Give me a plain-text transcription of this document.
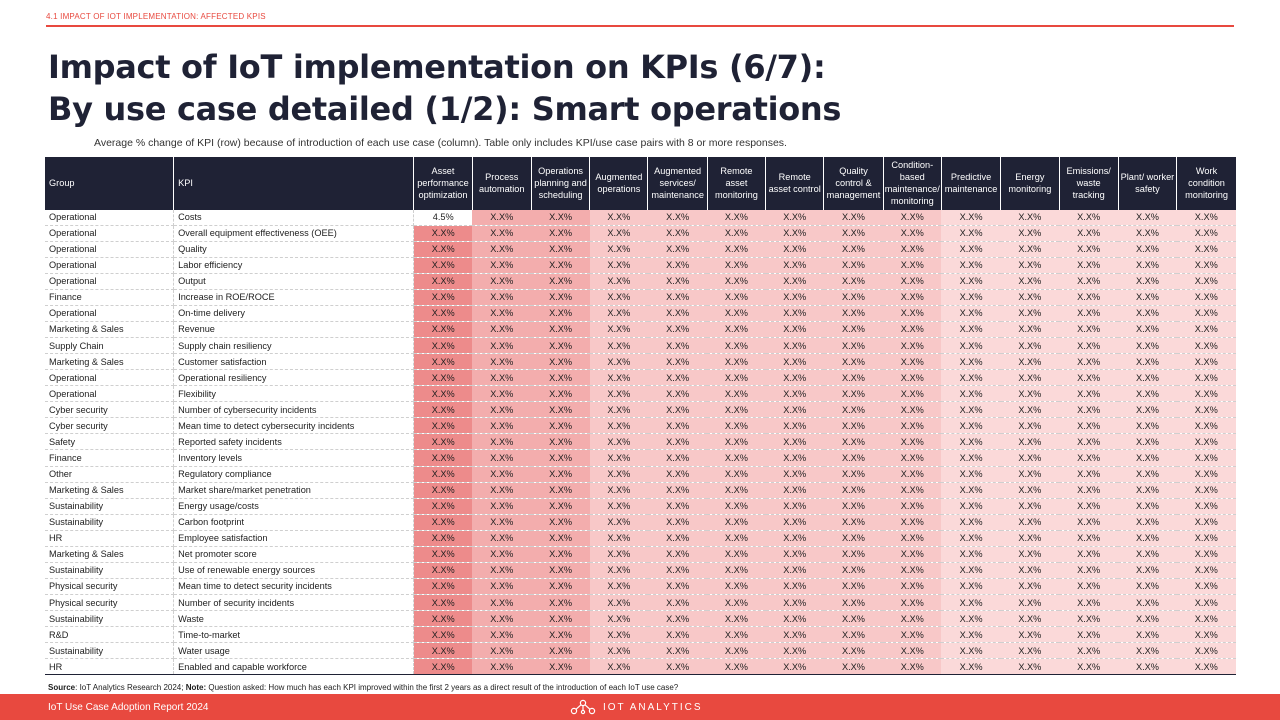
4.1 IMPACT OF IOT IMPLEMENTATION: AFFECTED KPIS
Impact of IoT implementation on KPIs (6/7):
By use case detailed (1/2): Smart operations
Average % change of KPI (row) because of introduction of each use case (column). Table only includes KPI/use case pairs with 8 or more responses.
Group	KPI	Asset performance optimization	Process automation	Operations planning and scheduling	Augmented operations	Augmented services/ maintenance	Remote asset monitoring	Remote asset control	Quality control & management	Condition-based maintenance/ monitoring	Predictive maintenance	Energy monitoring	Emissions/ waste tracking	Plant/ worker safety	Work condition monitoring
Operational	Costs	4.5%	X.X%	X.X%	X.X%	X.X%	X.X%	X.X%	X.X%	X.X%	X.X%	X.X%	X.X%	X.X%	X.X%
Operational	Overall equipment effectiveness (OEE)	X.X%	X.X%	X.X%	X.X%	X.X%	X.X%	X.X%	X.X%	X.X%	X.X%	X.X%	X.X%	X.X%	X.X%
Operational	Quality	X.X%	X.X%	X.X%	X.X%	X.X%	X.X%	X.X%	X.X%	X.X%	X.X%	X.X%	X.X%	X.X%	X.X%
Operational	Labor efficiency	X.X%	X.X%	X.X%	X.X%	X.X%	X.X%	X.X%	X.X%	X.X%	X.X%	X.X%	X.X%	X.X%	X.X%
Operational	Output	X.X%	X.X%	X.X%	X.X%	X.X%	X.X%	X.X%	X.X%	X.X%	X.X%	X.X%	X.X%	X.X%	X.X%
Finance	Increase in ROE/ROCE	X.X%	X.X%	X.X%	X.X%	X.X%	X.X%	X.X%	X.X%	X.X%	X.X%	X.X%	X.X%	X.X%	X.X%
Operational	On-time delivery	X.X%	X.X%	X.X%	X.X%	X.X%	X.X%	X.X%	X.X%	X.X%	X.X%	X.X%	X.X%	X.X%	X.X%
Marketing & Sales	Revenue	X.X%	X.X%	X.X%	X.X%	X.X%	X.X%	X.X%	X.X%	X.X%	X.X%	X.X%	X.X%	X.X%	X.X%
Supply Chain	Supply chain resiliency	X.X%	X.X%	X.X%	X.X%	X.X%	X.X%	X.X%	X.X%	X.X%	X.X%	X.X%	X.X%	X.X%	X.X%
Marketing & Sales	Customer satisfaction	X.X%	X.X%	X.X%	X.X%	X.X%	X.X%	X.X%	X.X%	X.X%	X.X%	X.X%	X.X%	X.X%	X.X%
Operational	Operational resiliency	X.X%	X.X%	X.X%	X.X%	X.X%	X.X%	X.X%	X.X%	X.X%	X.X%	X.X%	X.X%	X.X%	X.X%
Operational	Flexibility	X.X%	X.X%	X.X%	X.X%	X.X%	X.X%	X.X%	X.X%	X.X%	X.X%	X.X%	X.X%	X.X%	X.X%
Cyber security	Number of cybersecurity incidents	X.X%	X.X%	X.X%	X.X%	X.X%	X.X%	X.X%	X.X%	X.X%	X.X%	X.X%	X.X%	X.X%	X.X%
Cyber security	Mean time to detect cybersecurity incidents	X.X%	X.X%	X.X%	X.X%	X.X%	X.X%	X.X%	X.X%	X.X%	X.X%	X.X%	X.X%	X.X%	X.X%
Safety	Reported safety incidents	X.X%	X.X%	X.X%	X.X%	X.X%	X.X%	X.X%	X.X%	X.X%	X.X%	X.X%	X.X%	X.X%	X.X%
Finance	Inventory levels	X.X%	X.X%	X.X%	X.X%	X.X%	X.X%	X.X%	X.X%	X.X%	X.X%	X.X%	X.X%	X.X%	X.X%
Other	Regulatory compliance	X.X%	X.X%	X.X%	X.X%	X.X%	X.X%	X.X%	X.X%	X.X%	X.X%	X.X%	X.X%	X.X%	X.X%
Marketing & Sales	Market share/market penetration	X.X%	X.X%	X.X%	X.X%	X.X%	X.X%	X.X%	X.X%	X.X%	X.X%	X.X%	X.X%	X.X%	X.X%
Sustainability	Energy usage/costs	X.X%	X.X%	X.X%	X.X%	X.X%	X.X%	X.X%	X.X%	X.X%	X.X%	X.X%	X.X%	X.X%	X.X%
Sustainability	Carbon footprint	X.X%	X.X%	X.X%	X.X%	X.X%	X.X%	X.X%	X.X%	X.X%	X.X%	X.X%	X.X%	X.X%	X.X%
HR	Employee satisfaction	X.X%	X.X%	X.X%	X.X%	X.X%	X.X%	X.X%	X.X%	X.X%	X.X%	X.X%	X.X%	X.X%	X.X%
Marketing & Sales	Net promoter score	X.X%	X.X%	X.X%	X.X%	X.X%	X.X%	X.X%	X.X%	X.X%	X.X%	X.X%	X.X%	X.X%	X.X%
Sustainability	Use of renewable energy sources	X.X%	X.X%	X.X%	X.X%	X.X%	X.X%	X.X%	X.X%	X.X%	X.X%	X.X%	X.X%	X.X%	X.X%
Physical security	Mean time to detect security incidents	X.X%	X.X%	X.X%	X.X%	X.X%	X.X%	X.X%	X.X%	X.X%	X.X%	X.X%	X.X%	X.X%	X.X%
Physical security	Number of security incidents	X.X%	X.X%	X.X%	X.X%	X.X%	X.X%	X.X%	X.X%	X.X%	X.X%	X.X%	X.X%	X.X%	X.X%
Sustainability	Waste	X.X%	X.X%	X.X%	X.X%	X.X%	X.X%	X.X%	X.X%	X.X%	X.X%	X.X%	X.X%	X.X%	X.X%
R&D	Time-to-market	X.X%	X.X%	X.X%	X.X%	X.X%	X.X%	X.X%	X.X%	X.X%	X.X%	X.X%	X.X%	X.X%	X.X%
Sustainability	Water usage	X.X%	X.X%	X.X%	X.X%	X.X%	X.X%	X.X%	X.X%	X.X%	X.X%	X.X%	X.X%	X.X%	X.X%
HR	Enabled and capable workforce	X.X%	X.X%	X.X%	X.X%	X.X%	X.X%	X.X%	X.X%	X.X%	X.X%	X.X%	X.X%	X.X%	X.X%
Source: IoT Analytics Research 2024; Note: Question asked: How much has each KPI improved within the first 2 years as a direct result of the introduction of each IoT use case?
IoT Use Case Adoption Report 2024	IOT ANALYTICS
